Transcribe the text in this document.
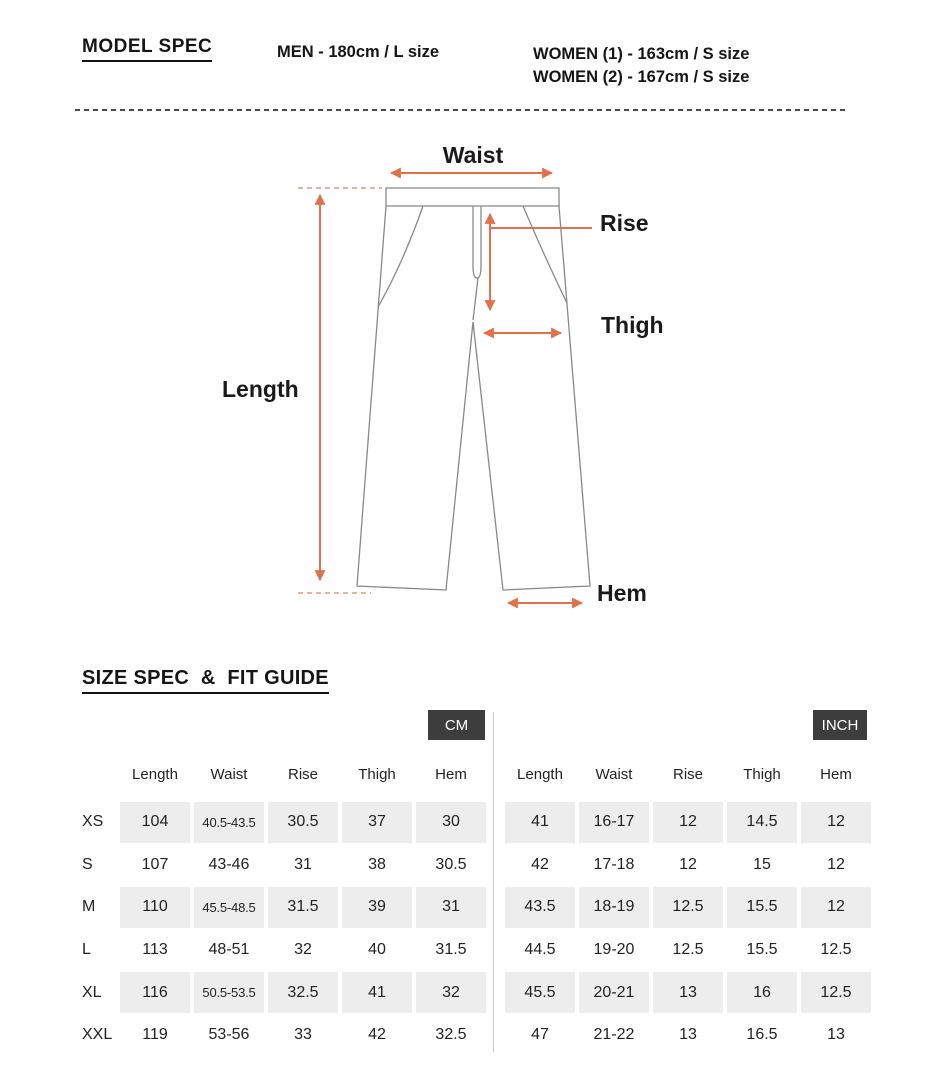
MODEL SPEC	MEN - 180cm / L size	WOMEN (1) - 163cm / S size
WOMEN (2) - 167cm / S size
Waist
Rise
Thigh
Length
Hem
SIZE SPEC  &  FIT GUIDE
CM	INCH
Length	Waist	Rise	Thigh	Hem
XS	104	40.5-43.5	30.5	37	30
S	107	43-46	31	38	30.5
M	110	45.5-48.5	31.5	39	31
L	113	48-51	32	40	31.5
XL	116	50.5-53.5	32.5	41	32
XXL	119	53-56	33	42	32.5
Length	Waist	Rise	Thigh	Hem
41	16-17	12	14.5	12
42	17-18	12	15	12
43.5	18-19	12.5	15.5	12
44.5	19-20	12.5	15.5	12.5
45.5	20-21	13	16	12.5
47	21-22	13	16.5	13
